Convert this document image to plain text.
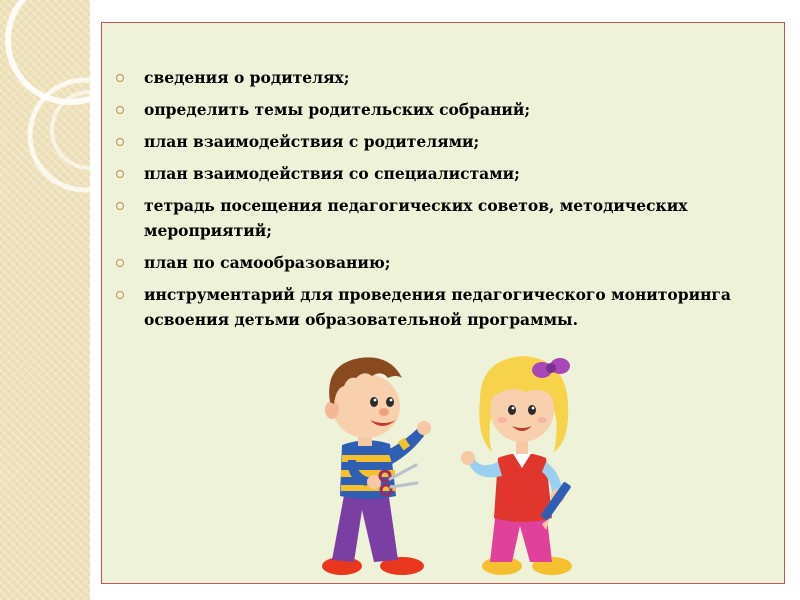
сведения о родителях;
определить темы родительских собраний;
план взаимодействия с родителями;
план взаимодействия со специалистами;
тетрадь посещения педагогических советов, методических мероприятий;
план по самообразованию;
инструментарий для проведения педагогического мониторинга освоения детьми образовательной программы.
